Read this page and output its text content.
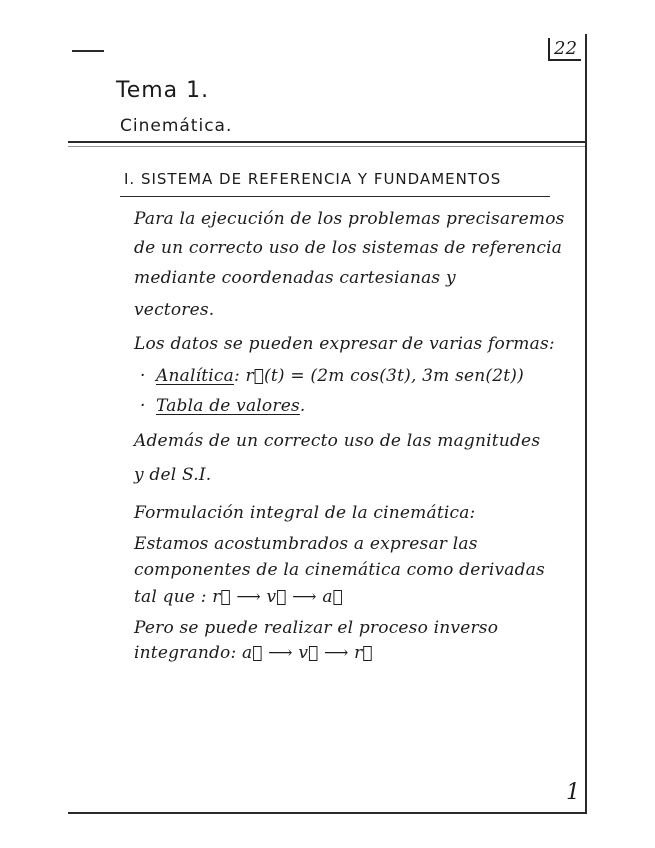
22
Tema 1.
Cinemática.
I. SISTEMA DE REFERENCIA Y FUNDAMENTOS
Para la ejecución de los problemas precisaremos
de un correcto uso de los sistemas de referencia
mediante coordenadas cartesianas y
vectores.
Los datos se pueden expresar de varias formas:
· Analítica: r⃗(t) = (2m cos(3t), 3m sen(2t))
· Tabla de valores.
Además de un correcto uso de las magnitudes
y del S.I.
Formulación integral de la cinemática:
Estamos acostumbrados a expresar las
componentes de la cinemática como derivadas
tal que : r⃗ ⟶ v⃗ ⟶ a⃗
Pero se puede realizar el proceso inverso
integrando: a⃗ ⟶ v⃗ ⟶ r⃗
1
